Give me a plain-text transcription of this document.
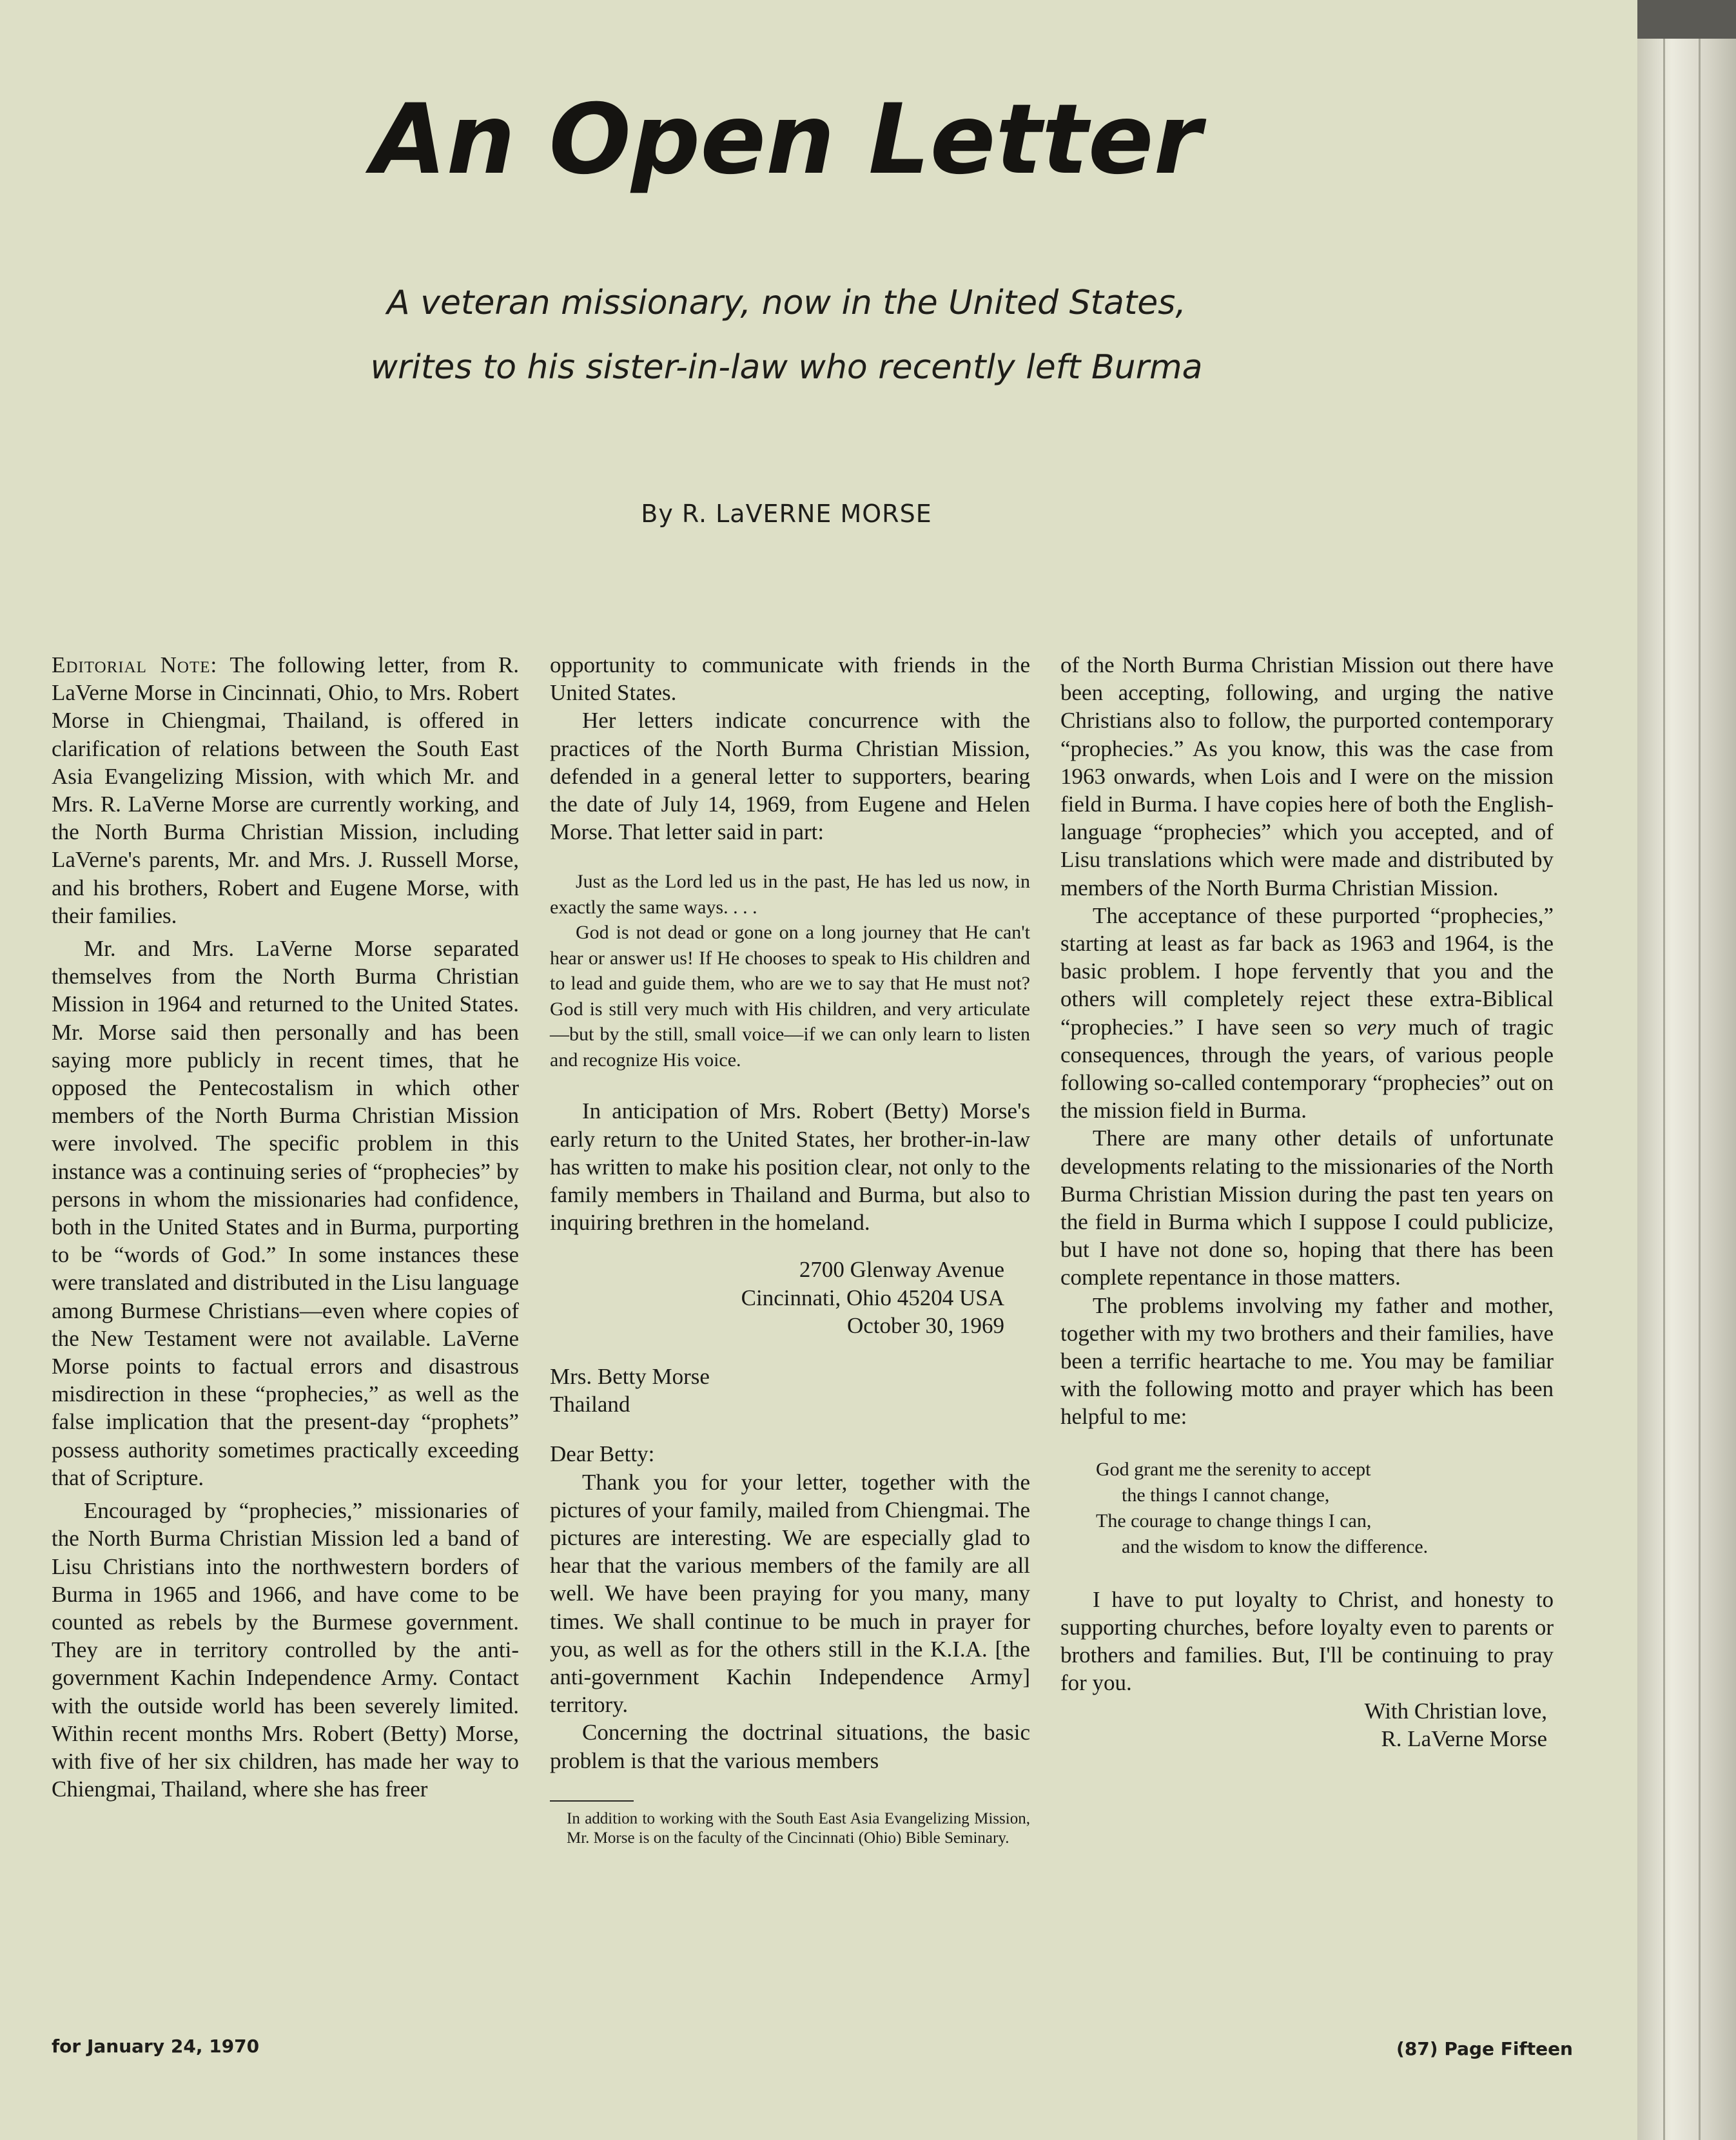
An Open Letter
A veteran missionary, now in the United States,
writes to his sister-in-law who recently left Burma
By R. LaVERNE MORSE

Editorial Note: The following letter, from R. LaVerne Morse in Cincinnati, Ohio, to Mrs. Robert Morse in Chiengmai, Thailand, is offered in clarification of relations between the South East Asia Evangelizing Mission, with which Mr. and Mrs. R. LaVerne Morse are currently working, and the North Burma Christian Mission, including LaVerne's parents, Mr. and Mrs. J. Russell Morse, and his brothers, Robert and Eugene Morse, with their families.

Mr. and Mrs. LaVerne Morse separated themselves from the North Burma Christian Mission in 1964 and returned to the United States. Mr. Morse said then personally and has been saying more publicly in recent times, that he opposed the Pentecostalism in which other members of the North Burma Christian Mission were involved. The specific problem in this instance was a continuing series of “prophecies” by persons in whom the missionaries had confidence, both in the United States and in Burma, purporting to be “words of God.” In some instances these were translated and distributed in the Lisu language among Burmese Christians—even where copies of the New Testament were not available. LaVerne Morse points to factual errors and disastrous misdirection in these “prophecies,” as well as the false implication that the present-day “prophets” possess authority sometimes practically exceeding that of Scripture.

Encouraged by “prophecies,” missionaries of the North Burma Christian Mission led a band of Lisu Christians into the northwestern borders of Burma in 1965 and 1966, and have come to be counted as rebels by the Burmese government. They are in territory controlled by the anti-government Kachin Independence Army. Contact with the outside world has been severely limited. Within recent months Mrs. Robert (Betty) Morse, with five of her six children, has made her way to Chiengmai, Thailand, where she has freer

opportunity to communicate with friends in the United States.

Her letters indicate concurrence with the practices of the North Burma Christian Mission, defended in a general letter to supporters, bearing the date of July 14, 1969, from Eugene and Helen Morse. That letter said in part:

Just as the Lord led us in the past, He has led us now, in exactly the same ways. . . .

God is not dead or gone on a long journey that He can't hear or answer us! If He chooses to speak to His children and to lead and guide them, who are we to say that He must not? God is still very much with His children, and very articulate—but by the still, small voice—if we can only learn to listen and recognize His voice.

In anticipation of Mrs. Robert (Betty) Morse's early return to the United States, her brother-in-law has written to make his position clear, not only to the family members in Thailand and Burma, but also to inquiring brethren in the homeland.

2700 Glenway Avenue
Cincinnati, Ohio 45204 USA
October 30, 1969
Mrs. Betty Morse
Thailand
Dear Betty:

Thank you for your letter, together with the pictures of your family, mailed from Chiengmai. The pictures are interesting. We are especially glad to hear that the various members of the family are all well. We have been praying for you many, many times. We shall continue to be much in prayer for you, as well as for the others still in the K.I.A. [the anti-government Kachin Independence Army] territory.

Concerning the doctrinal situations, the basic problem is that the various members

In addition to working with the South East Asia Evangelizing Mission, Mr. Morse is on the faculty of the Cincinnati (Ohio) Bible Seminary.

of the North Burma Christian Mission out there have been accepting, following, and urging the native Christians also to follow, the purported contemporary “prophecies.” As you know, this was the case from 1963 onwards, when Lois and I were on the mission field in Burma. I have copies here of both the English-language “prophecies” which you accepted, and of Lisu translations which were made and distributed by members of the North Burma Christian Mission.

The acceptance of these purported “prophecies,” starting at least as far back as 1963 and 1964, is the basic problem. I hope fervently that you and the others will completely reject these extra-Biblical “prophecies.” I have seen so very much of tragic consequences, through the years, of various people following so-called contemporary “prophecies” out on the mission field in Burma.

There are many other details of unfortunate developments relating to the missionaries of the North Burma Christian Mission during the past ten years on the field in Burma which I suppose I could publicize, but I have not done so, hoping that there has been complete repentance in those matters.

The problems involving my father and mother, together with my two brothers and their families, have been a terrific heartache to me. You may be familiar with the following motto and prayer which has been helpful to me:

God grant me the serenity to accept
the things I cannot change,
The courage to change things I can,
and the wisdom to know the difference.

I have to put loyalty to Christ, and honesty to supporting churches, before loyalty even to parents or brothers and families. But, I'll be continuing to pray for you.

With Christian love,
R. LaVerne Morse
for January 24, 1970	(87) Page Fifteen
